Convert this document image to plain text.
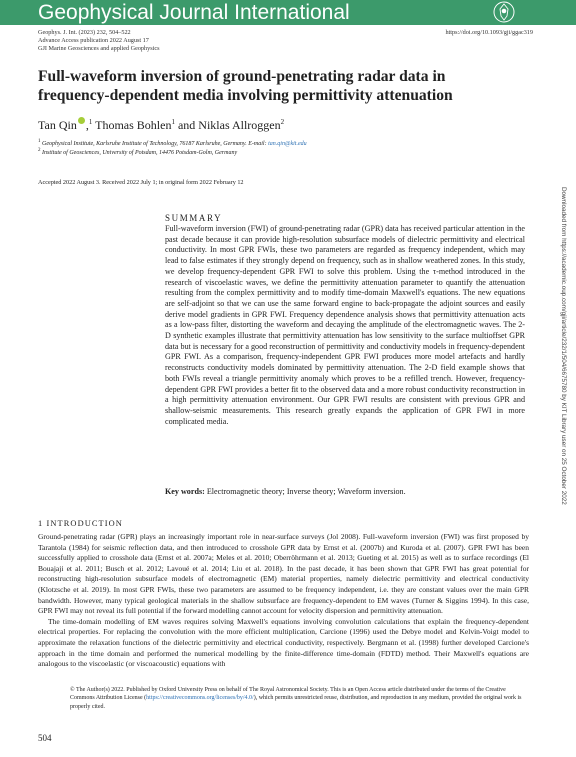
Geophysical Journal International
Geophys. J. Int. (2023) 232, 504–522
Advance Access publication 2022 August 17
GJI Marine Geosciences and applied Geophysics
https://doi.org/10.1093/gji/ggac319
Full-waveform inversion of ground-penetrating radar data in frequency-dependent media involving permittivity attenuation
Tan Qin ,$^1$ Thomas Bohlen$^1$ and Niklas Allroggen$^2$
$^1$ Geophysical Institute, Karlsruhe Institute of Technology, 76187 Karlsruhe, Germany. E-mail: tan.qin@kit.edu
$^2$ Institute of Geosciences, University of Potsdam, 14476 Potsdam-Golm, Germany
Accepted 2022 August 3. Received 2022 July 1; in original form 2022 February 12
SUMMARY
Full-waveform inversion (FWI) of ground-penetrating radar (GPR) data has received particular attention in the past decade because it can provide high-resolution subsurface models of dielectric permittivity and electrical conductivity. In most GPR FWIs, these two parameters are regarded as frequency independent, which may lead to false estimates if they strongly depend on frequency, such as in shallow weathered zones. In this study, we develop frequency-dependent GPR FWI to solve this problem. Using the τ-method introduced in the research of viscoelastic waves, we define the permittivity attenuation parameter to quantify the attenuation resulting from the complex permittivity and to modify time-domain Maxwell's equations. The new equations are self-adjoint so that we can use the same forward engine to back-propagate the adjoint sources and easily derive model gradients in GPR FWI. Frequency dependence analysis shows that permittivity attenuation acts as a low-pass filter, distorting the waveform and decaying the amplitude of the electromagnetic waves. The 2-D synthetic examples illustrate that permittivity attenuation has low sensitivity to the surface multioffset GPR data but is necessary for a good reconstruction of permittivity and conductivity models in frequency-dependent GPR FWI. As a comparison, frequency-independent GPR FWI produces more model artefacts and hardly reconstructs conductivity models dominated by permittivity attenuation. The 2-D field example shows that both FWIs reveal a triangle permittivity anomaly which proves to be a refilled trench. However, frequency-dependent GPR FWI provides a better fit to the observed data and a more robust conductivity reconstruction in a high permittivity attenuation environment. Our GPR FWI results are consistent with previous GPR and shallow-seismic measurements. This research greatly expands the application of GPR FWI in more complicated media.
Key words: Electromagnetic theory; Inverse theory; Waveform inversion.
1 INTRODUCTION

Ground-penetrating radar (GPR) plays an increasingly important role in near-surface surveys (Jol 2008). Full-waveform inversion (FWI) was first proposed by Tarantola (1984) for seismic reflection data, and then introduced to crosshole GPR data by Ernst et al. (2007b) and Kuroda et al. (2007). GPR FWI has been successfully applied to crosshole data (Ernst et al. 2007a; Meles et al. 2010; Oberröhrmann et al. 2013; Gueting et al. 2015) as well as to surface recordings (El Bouajaji et al. 2011; Busch et al. 2012; Lavoué et al. 2014; Liu et al. 2018). In the past decade, it has been shown that GPR FWI has great potential for reconstructing high-resolution subsurface models of electromagnetic (EM) material properties, namely dielectric permittivity and electrical conductivity (Klotzsche et al. 2019). In most GPR FWIs, these two parameters are assumed to be frequency independent, i.e. they are constant values over the main GPR bandwidth. However, many typical geological materials in the shallow subsurface are frequency-dependent to EM waves (Turner & Siggins 1994). In this case, GPR FWI may not reveal its full potential if the forward modelling cannot account for velocity dispersion and permittivity attenuation.

The time-domain modelling of EM waves requires solving Maxwell's equations involving convolution calculations that explain the frequency-dependent electrical properties. For replacing the convolution with the more efficient multiplication, Carcione (1996) used the Debye model and Kelvin-Voigt model to approximate the relaxation functions of the dielectric permittivity and electrical conductivity, respectively. Bergmann et al. (1998) further developed Carcione's approach in the time domain and performed the numerical modelling by the finite-difference time-domain (FDTD) method. Their Maxwell's equations are analogous to the viscoelastic (or viscoacoustic) equations with

© The Author(s) 2022. Published by Oxford University Press on behalf of The Royal Astronomical Society. This is an Open Access article distributed under the terms of the Creative Commons Attribution License (https://creativecommons.org/licenses/by/4.0/), which permits unrestricted reuse, distribution, and reproduction in any medium, provided the original work is properly cited.
504
Downloaded from https://academic.oup.com/gji/article/232/1/504/6675780 by KIT Library user on 25 October 2022
